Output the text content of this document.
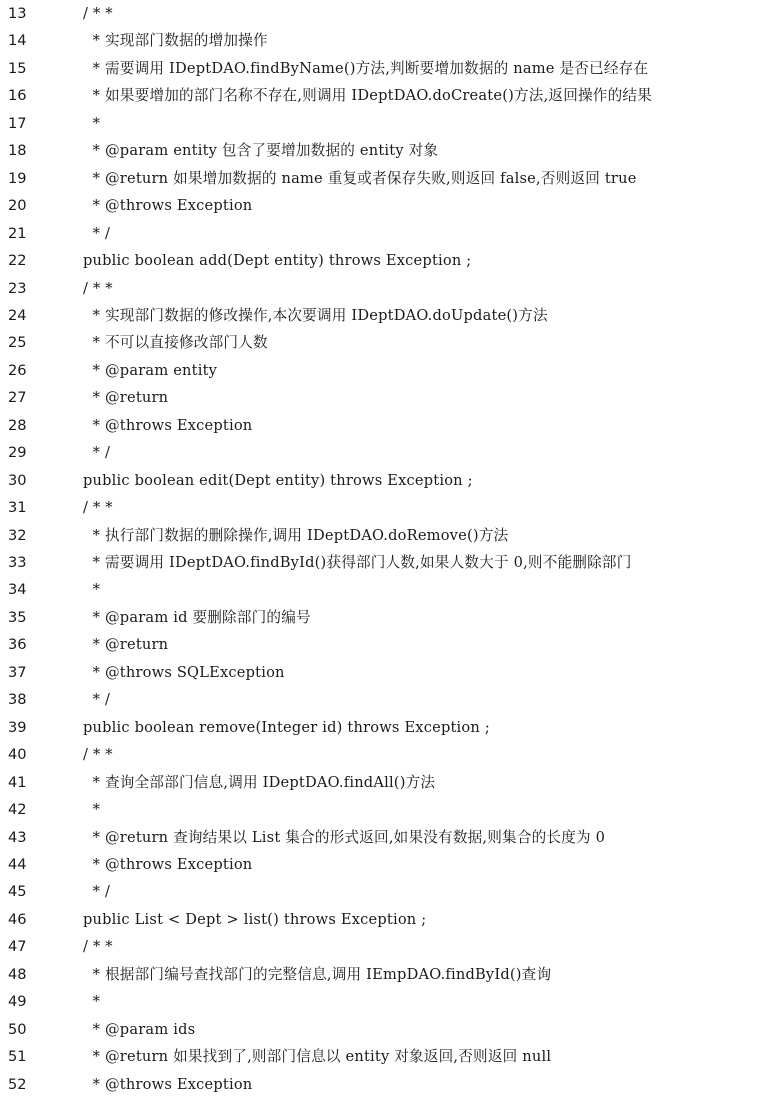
13	/ * *
14	* 实现部门数据的增加操作
15	* 需要调用 IDeptDAO.findByName()方法,判断要增加数据的 name 是否已经存在
16	* 如果要增加的部门名称不存在,则调用 IDeptDAO.doCreate()方法,返回操作的结果
17	*
18	* @param entity 包含了要增加数据的 entity 对象
19	* @return 如果增加数据的 name 重复或者保存失败,则返回 false,否则返回 true
20	* @throws Exception
21	* /
22	public boolean add(Dept entity) throws Exception ;
23	/ * *
24	* 实现部门数据的修改操作,本次要调用 IDeptDAO.doUpdate()方法
25	* 不可以直接修改部门人数
26	* @param entity
27	* @return
28	* @throws Exception
29	* /
30	public boolean edit(Dept entity) throws Exception ;
31	/ * *
32	* 执行部门数据的删除操作,调用 IDeptDAO.doRemove()方法
33	* 需要调用 IDeptDAO.findById()获得部门人数,如果人数大于 0,则不能删除部门
34	*
35	* @param id 要删除部门的编号
36	* @return
37	* @throws SQLException
38	* /
39	public boolean remove(Integer id) throws Exception ;
40	/ * *
41	* 查询全部部门信息,调用 IDeptDAO.findAll()方法
42	*
43	* @return 查询结果以 List 集合的形式返回,如果没有数据,则集合的长度为 0
44	* @throws Exception
45	* /
46	public List < Dept > list() throws Exception ;
47	/ * *
48	* 根据部门编号查找部门的完整信息,调用 IEmpDAO.findById()查询
49	*
50	* @param ids
51	* @return 如果找到了,则部门信息以 entity 对象返回,否则返回 null
52	* @throws Exception
